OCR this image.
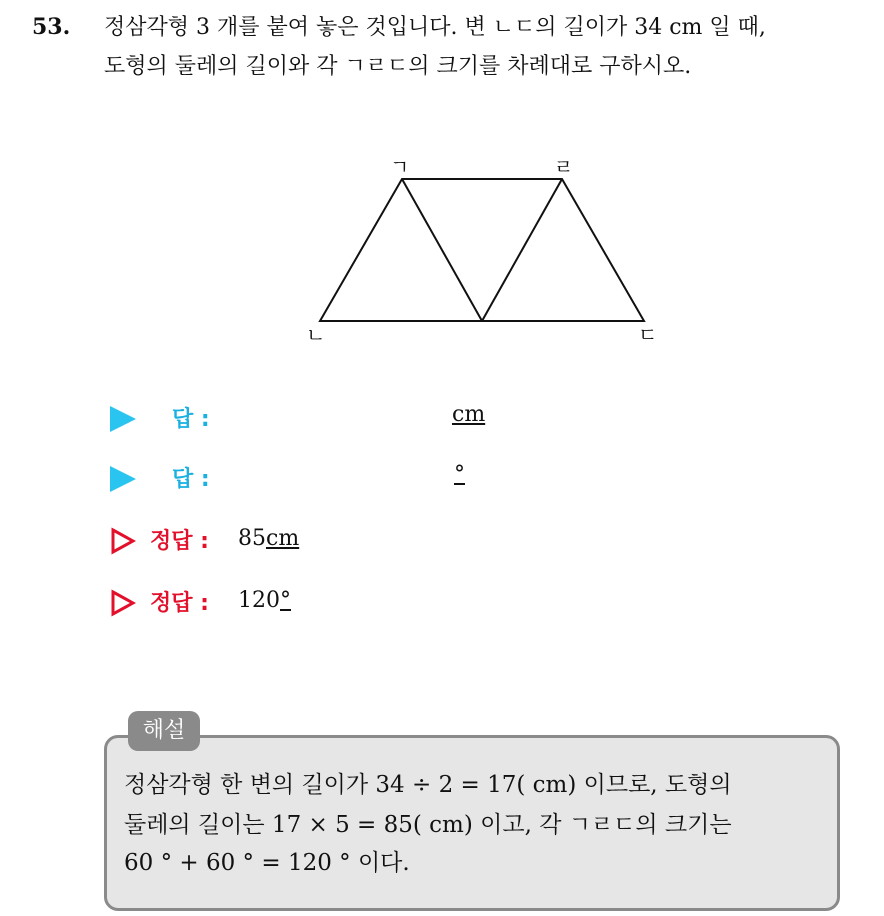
53. 정삼각형 3 개를 붙여 놓은 것입니다. 변 ㄴㄷ의 길이가 34 cm 일 때,
도형의 둘레의 길이와 각 ㄱㄹㄷ의 크기를 차례대로 구하시오.
ㄱ	ㄹ
ㄴ	ㄷ
답 :	cm
답 :	°
정답 : 85cm
정답 : 120°
해설
정삼각형 한 변의 길이가 34 ÷ 2 = 17( cm) 이므로, 도형의
둘레의 길이는 17 × 5 = 85( cm) 이고, 각 ㄱㄹㄷ의 크기는
60 ° + 60 ° = 120 ° 이다.
